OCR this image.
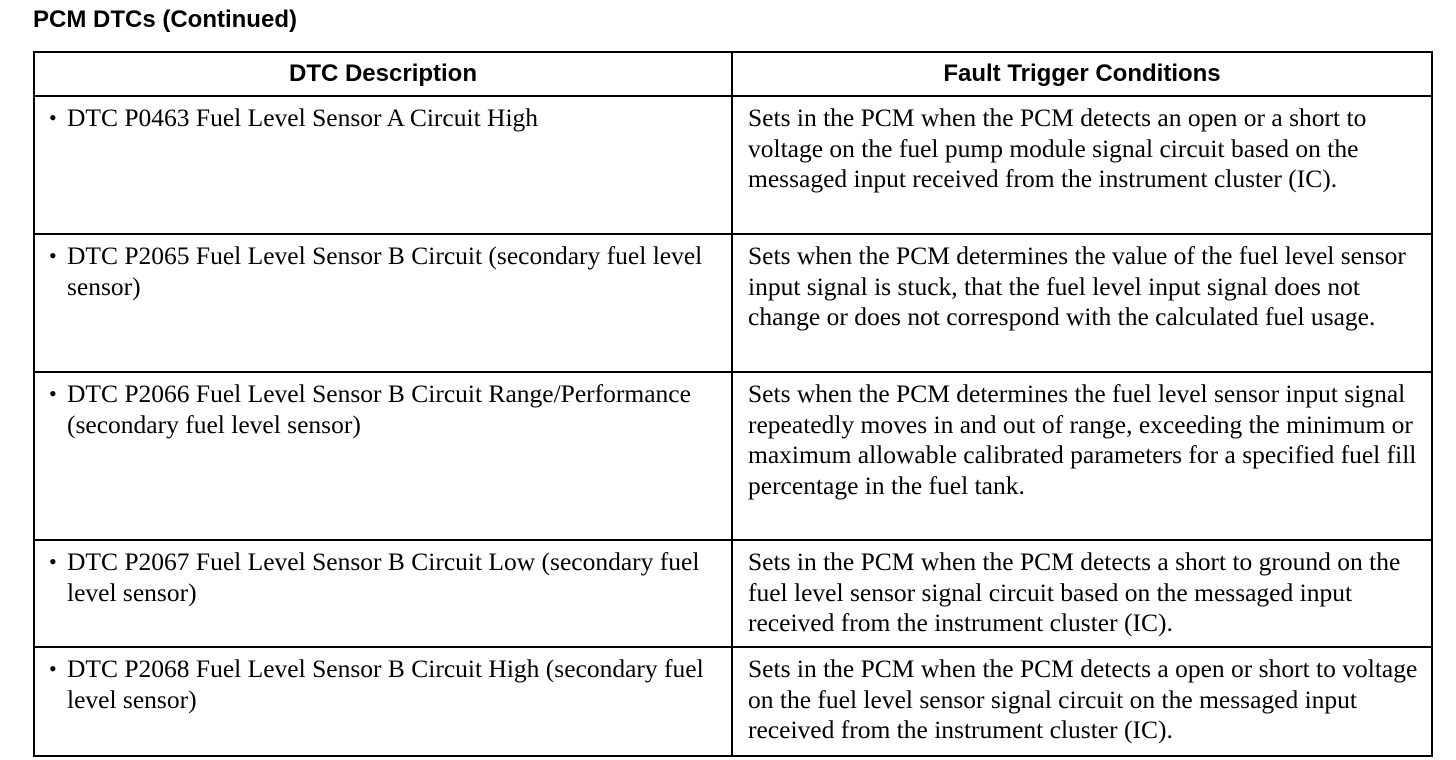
PCM DTCs (Continued)
DTC Description	Fault Trigger Conditions

• DTC P0463 Fuel Level Sensor A Circuit High	Sets in the PCM when the PCM detects an open or a short to voltage on the fuel pump module signal circuit based on the messaged input received from the instrument cluster (IC).

• DTC P2065 Fuel Level Sensor B Circuit (secondary fuel level sensor)	Sets when the PCM determines the value of the fuel level sensor input signal is stuck, that the fuel level input signal does not change or does not correspond with the calculated fuel usage.

• DTC P2066 Fuel Level Sensor B Circuit Range/Performance (secondary fuel level sensor)	Sets when the PCM determines the fuel level sensor input signal repeatedly moves in and out of range, exceeding the minimum or maximum allowable calibrated parameters for a specified fuel fill percentage in the fuel tank.

• DTC P2067 Fuel Level Sensor B Circuit Low (secondary fuel level sensor)	Sets in the PCM when the PCM detects a short to ground on the fuel level sensor signal circuit based on the messaged input received from the instrument cluster (IC).

• DTC P2068 Fuel Level Sensor B Circuit High (secondary fuel level sensor)	Sets in the PCM when the PCM detects a open or short to voltage on the fuel level sensor signal circuit on the messaged input received from the instrument cluster (IC).
